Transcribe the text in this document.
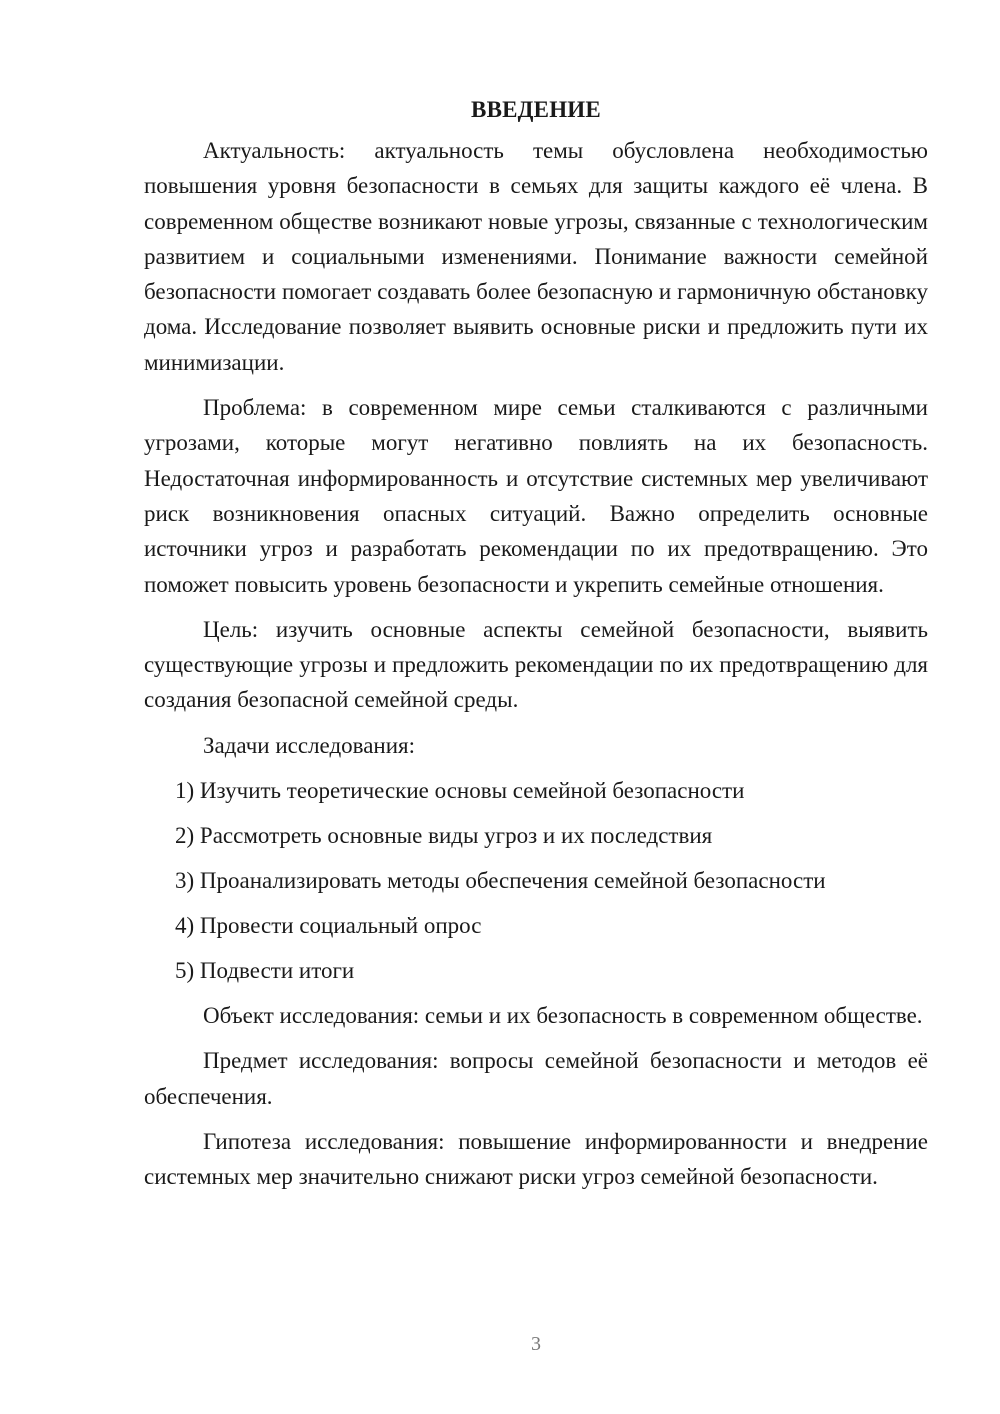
ВВЕДЕНИЕ

Актуальность: актуальность темы обусловлена необходимостью повышения уровня безопасности в семьях для защиты каждого её члена. В современном обществе возникают новые угрозы, связанные с технологическим развитием и социальными изменениями. Понимание важности семейной безопасности помогает создавать более безопасную и гармоничную обстановку дома. Исследование позволяет выявить основные риски и предложить пути их минимизации.

Проблема: в современном мире семьи сталкиваются с различными угрозами, которые могут негативно повлиять на их безопасность. Недостаточная информированность и отсутствие системных мер увеличивают риск возникновения опасных ситуаций. Важно определить основные источники угроз и разработать рекомендации по их предотвращению. Это поможет повысить уровень безопасности и укрепить семейные отношения.

Цель: изучить основные аспекты семейной безопасности, выявить существующие угрозы и предложить рекомендации по их предотвращению для создания безопасной семейной среды.

Задачи исследования:

1) Изучить теоретические основы семейной безопасности

2) Рассмотреть основные виды угроз и их последствия

3) Проанализировать методы обеспечения семейной безопасности

4) Провести социальный опрос

5) Подвести итоги

Объект исследования: семьи и их безопасность в современном обществе.

Предмет исследования: вопросы семейной безопасности и методов её обеспечения.

Гипотеза исследования: повышение информированности и внедрение системных мер значительно снижают риски угроз семейной безопасности.

3
